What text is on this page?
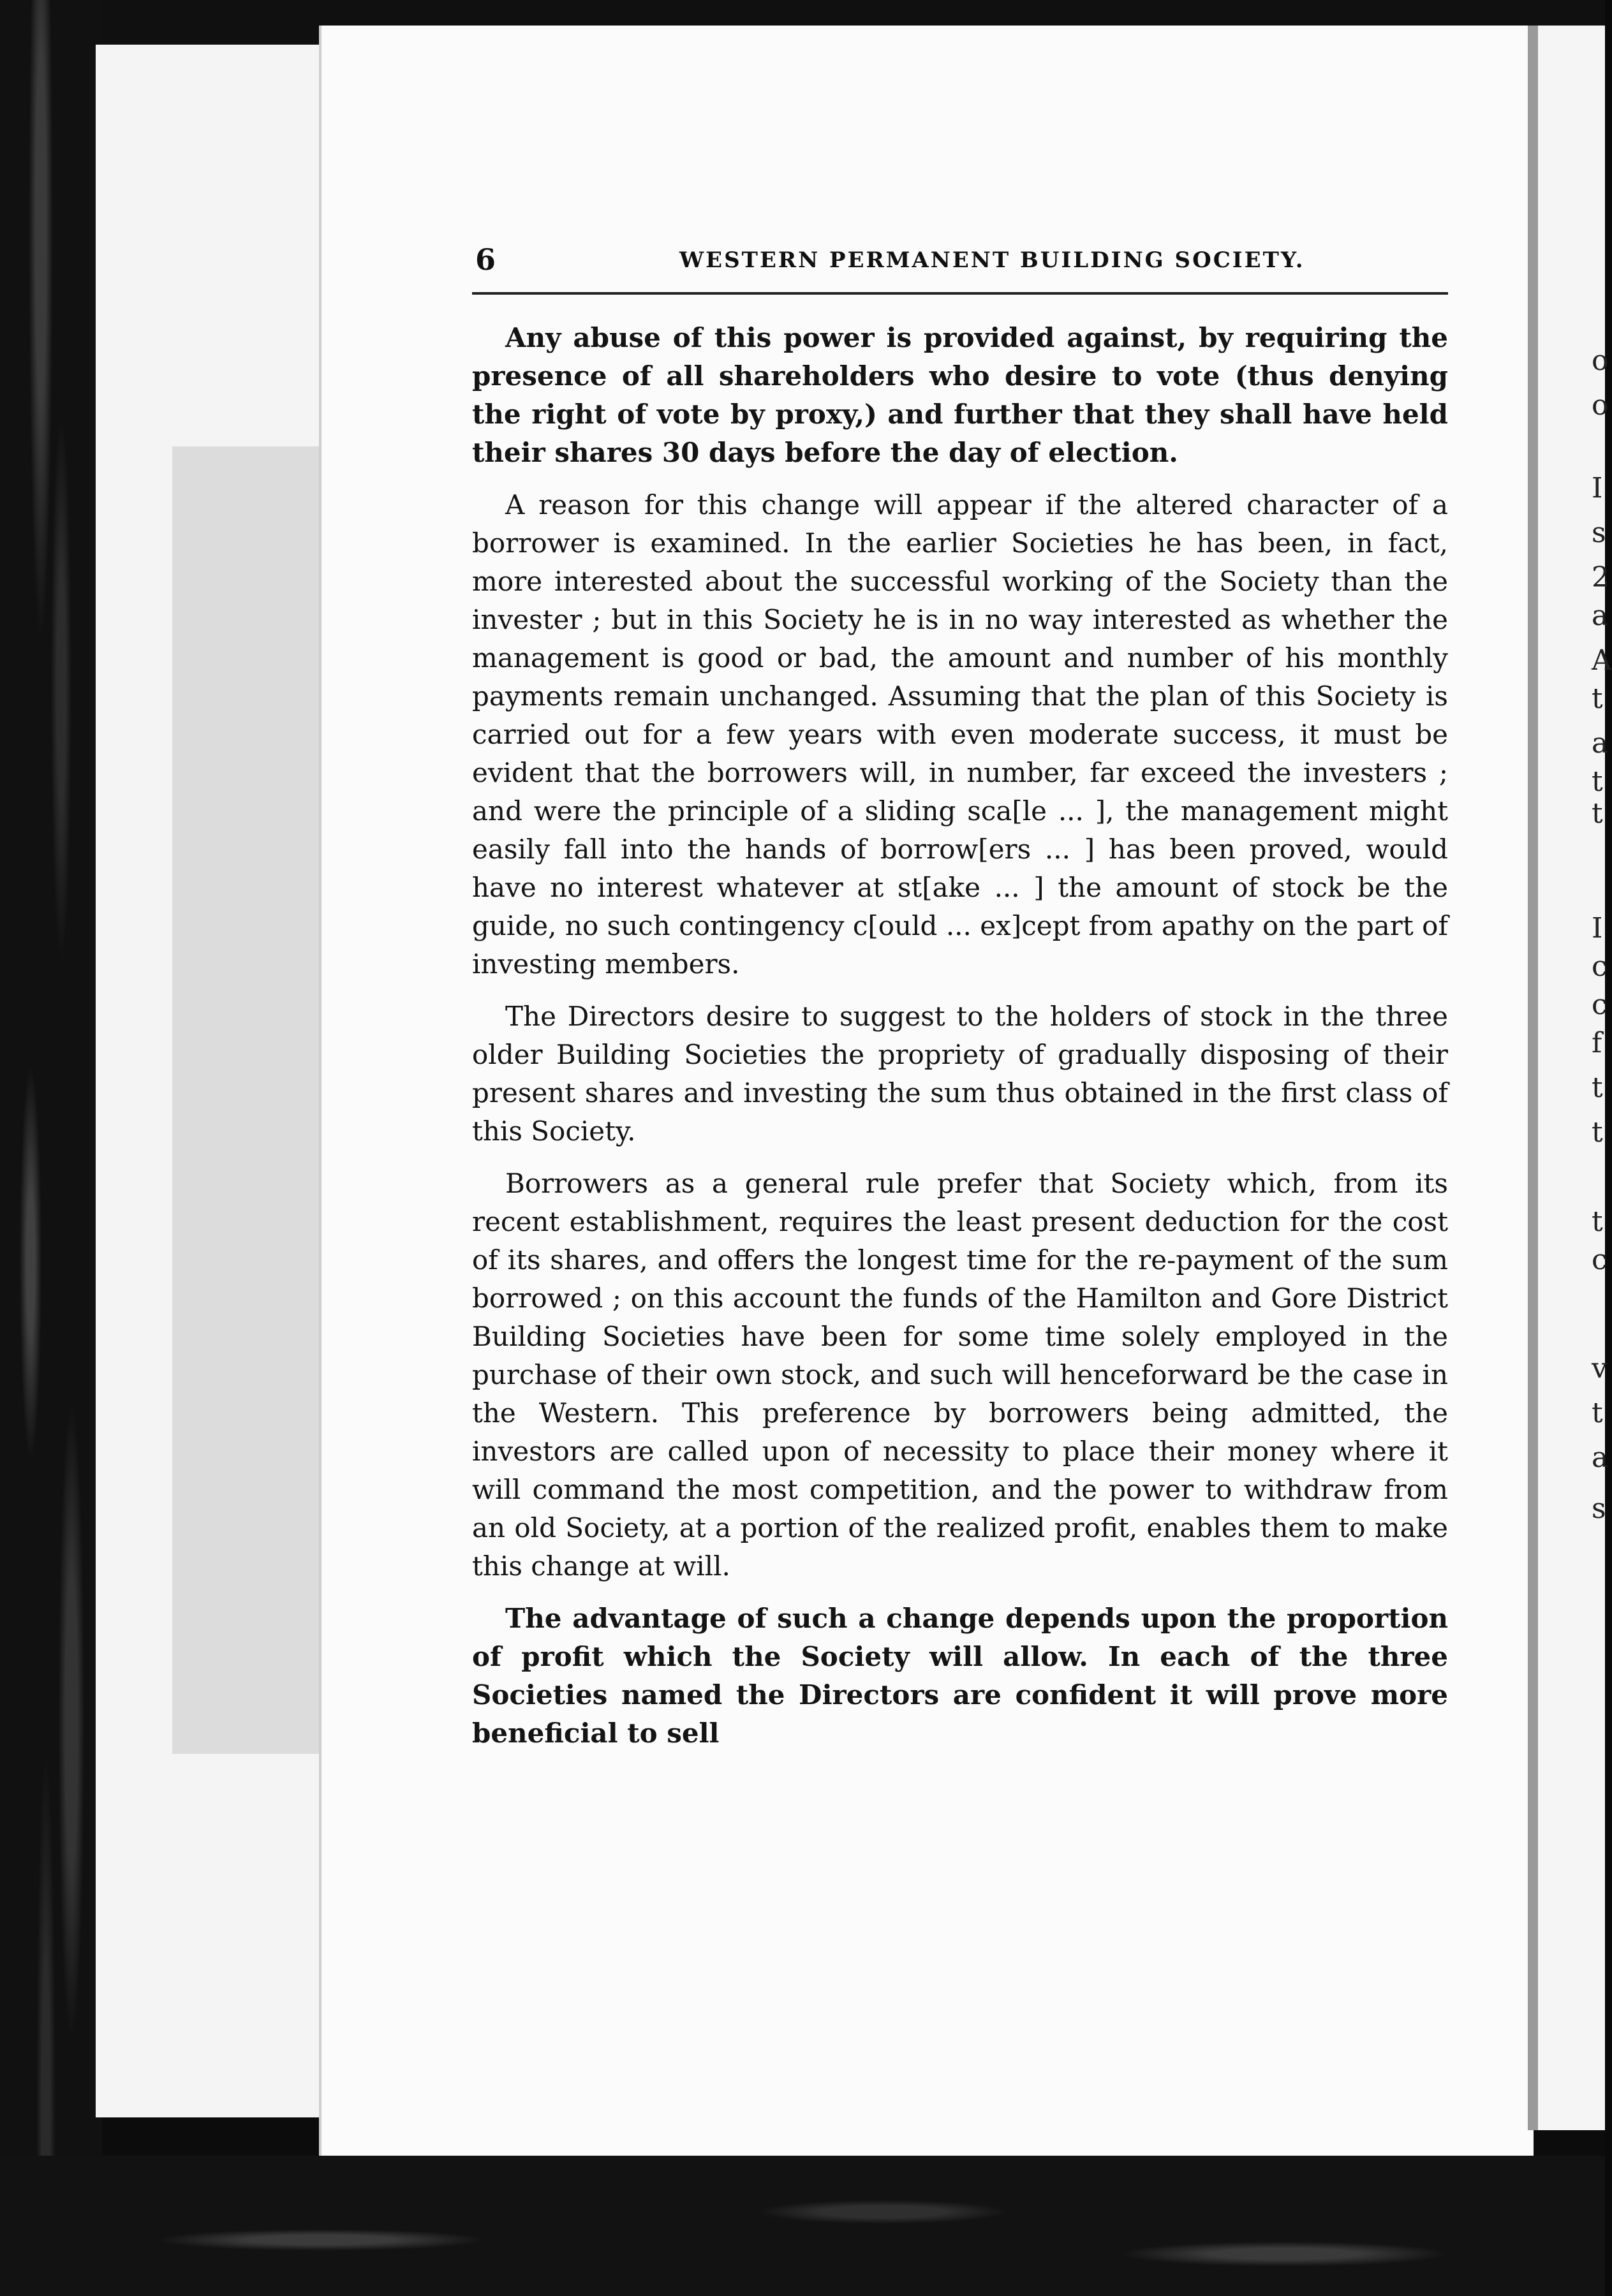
o
o
I
s
2
a
A
t
a
t
t
I
c
c
f
t
t
t
c
v
t
a
s
6	WESTERN PERMANENT BUILDING SOCIETY.

Any abuse of this power is provided against, by requiring the presence of all shareholders who desire to vote (thus denying the right of vote by proxy,) and further that they shall have held their shares 30 days before the day of election.

A reason for this change will appear if the altered character of a borrower is examined. In the earlier Societies he has been, in fact, more interested about the successful working of the Society than the invester ; but in this Society he is in no way interested as whether the management is good or bad, the amount and number of his monthly payments remain unchanged. Assuming that the plan of this Society is carried out for a few years with even moderate success, it must be evident that the borrowers will, in number, far exceed the investers ; and were the principle of a sliding sca[le ... ], the management might easily fall into the hands of borrow[ers ... ] has been proved, would have no interest whatever at st[ake ... ] the amount of stock be the guide, no such contingency c[ould ... ex]cept from apathy on the part of investing members.

The Directors desire to suggest to the holders of stock in the three older Building Societies the propriety of gradually disposing of their present shares and investing the sum thus obtained in the first class of this Society.

Borrowers as a general rule prefer that Society which, from its recent establishment, requires the least present deduction for the cost of its shares, and offers the longest time for the re-payment of the sum borrowed ; on this account the funds of the Hamilton and Gore District Building Societies have been for some time solely employed in the purchase of their own stock, and such will henceforward be the case in the Western. This preference by borrowers being admitted, the investors are called upon of necessity to place their money where it will command the most competition, and the power to withdraw from an old Society, at a portion of the realized profit, enables them to make this change at will.

The advantage of such a change depends upon the proportion of profit which the Society will allow. In each of the three Societies named the Directors are confident it will prove more beneficial to sell
